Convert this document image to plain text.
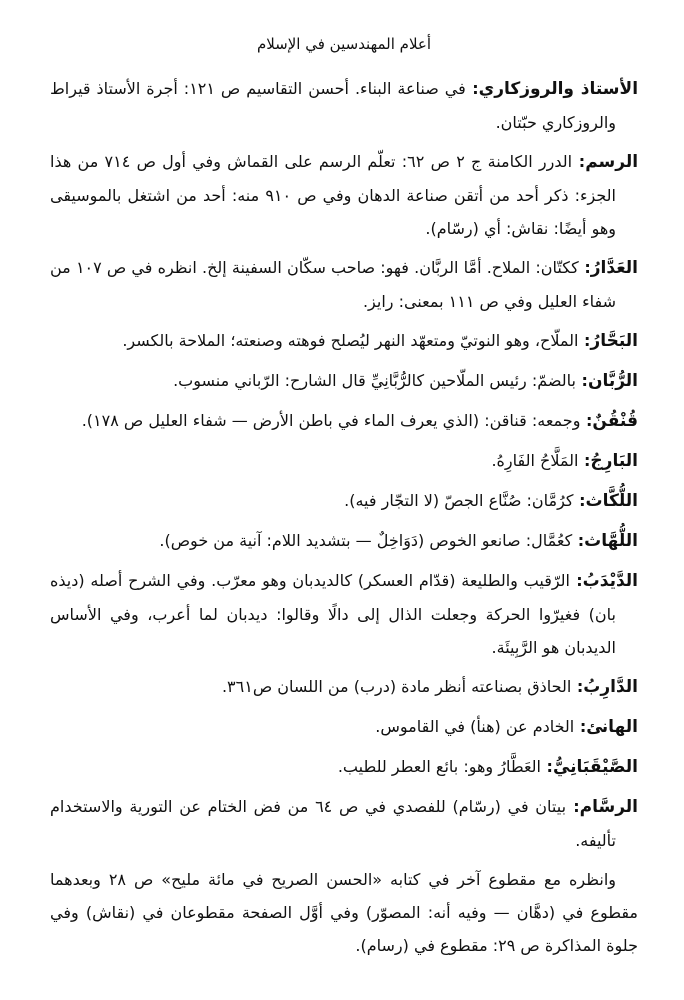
أعلام المهندسين في الإسلام

الأستاذ والروزكاري: في صناعة البناء. أحسن التقاسيم ص ١٢١: أجرة الأستاذ قيراط والروزكاري حبّتان.

الرسم: الدرر الكامنة ج ٢ ص ٦٢: تعلّم الرسم على القماش وفي أول ص ٧١٤ من هذا الجزء: ذكر أحد من أتقن صناعة الدهان وفي ص ٩١٠ منه: أحد من اشتغل بالموسيقى وهو أيضًا: نقاش: أي (رسّام).

العَدَّارُ: ككتّان: الملاح. أمَّا الربَّان. فهو: صاحب سكّان السفينة إلخ. انظره في ص ١٠٧ من شفاء العليل وفي ص ١١١ بمعنى: رايز.

البَحَّارُ: الملّاح، وهو النوتيّ ومتعهّد النهر ليُصلح فوهته وصنعته؛ الملاحة بالكسر.

الرُّبَّان: بالضمّ: رئيس الملّاحين كالرُّبَّانِيِّ قال الشارح: الرّباني منسوب.

قُنْقُنٌ: وجمعه: قناقن: (الذي يعرف الماء في باطن الأرض — شفاء العليل ص ١٧٨).

البَارِجُ: المَلَّاحُ الفَارِهُ.

اللُّكَّاث: كرُمَّان: صُنَّاع الجصّ (لا التجّار فيه).

اللُّهَّاث: كعُمَّال: صانعو الخوص (دَوَاخِلٌ — بتشديد اللام: آنية من خوص).

الدَّيْدَبُ: الرّقيب والطليعة (قدّام العسكر) كالديدبان وهو معرّب. وفي الشرح أصله (ديذه بان) فغيرّوا الحركة وجعلت الذال إلى دالًا وقالوا: ديدبان لما أعرب، وفي الأساس الديدبان هو الرَّبِيئَة.

الدَّارِبُ: الحاذق بصناعته أنظر مادة (درب) من اللسان ص٣٦١.

الهانئ: الخادم عن (هنأ) في القاموس.

الصَّيْقَبَانِيُّ: العَطَّارُ وهو: بائع العطر للطيب.

الرسَّام: بيتان في (رسّام) للفصدي في ص ٦٤ من فض الختام عن التورية والاستخدام تأليفه.

وانظره مع مقطوع آخر في كتابه «الحسن الصريح في مائة مليح» ص ٢٨ وبعدهما مقطوع في (دهَّان — وفيه أنه: المصوّر) وفي أوَّل الصفحة مقطوعان في (نقاش) وفي جلوة المذاكرة ص ٢٩: مقطوع في (رسام).
